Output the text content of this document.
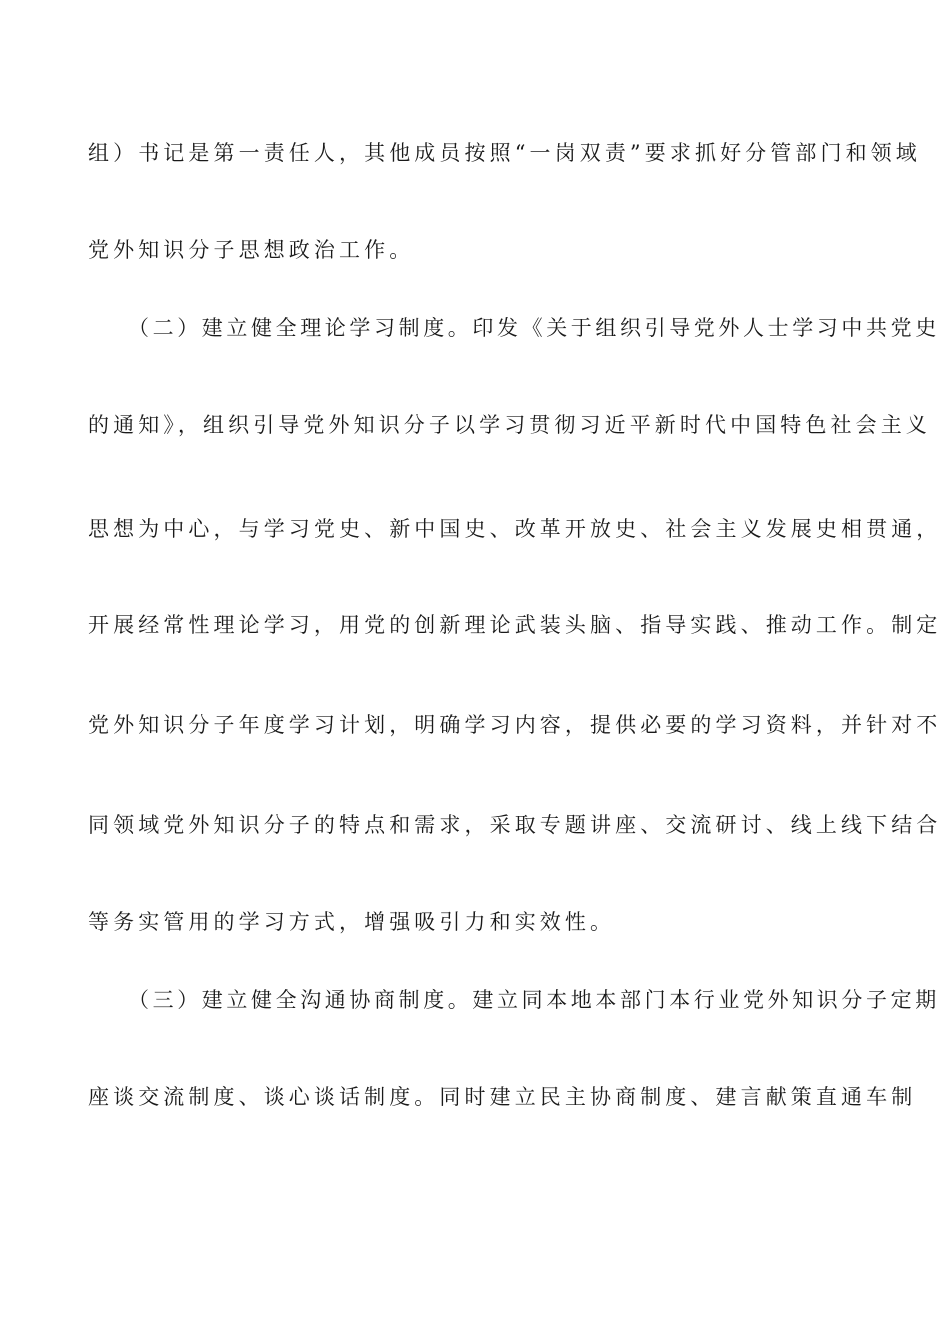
组）书记是第一责任人，其他成员按照“一岗双责”要求抓好分管部门和领域
党外知识分子思想政治工作。
（二）建立健全理论学习制度。印发《关于组织引导党外人士学习中共党史
的通知》，组织引导党外知识分子以学习贯彻习近平新时代中国特色社会主义
思想为中心，与学习党史、新中国史、改革开放史、社会主义发展史相贯通，
开展经常性理论学习，用党的创新理论武装头脑、指导实践、推动工作。制定
党外知识分子年度学习计划，明确学习内容，提供必要的学习资料，并针对不
同领域党外知识分子的特点和需求，采取专题讲座、交流研讨、线上线下结合
等务实管用的学习方式，增强吸引力和实效性。
（三）建立健全沟通协商制度。建立同本地本部门本行业党外知识分子定期
座谈交流制度、谈心谈话制度。同时建立民主协商制度、建言献策直通车制
